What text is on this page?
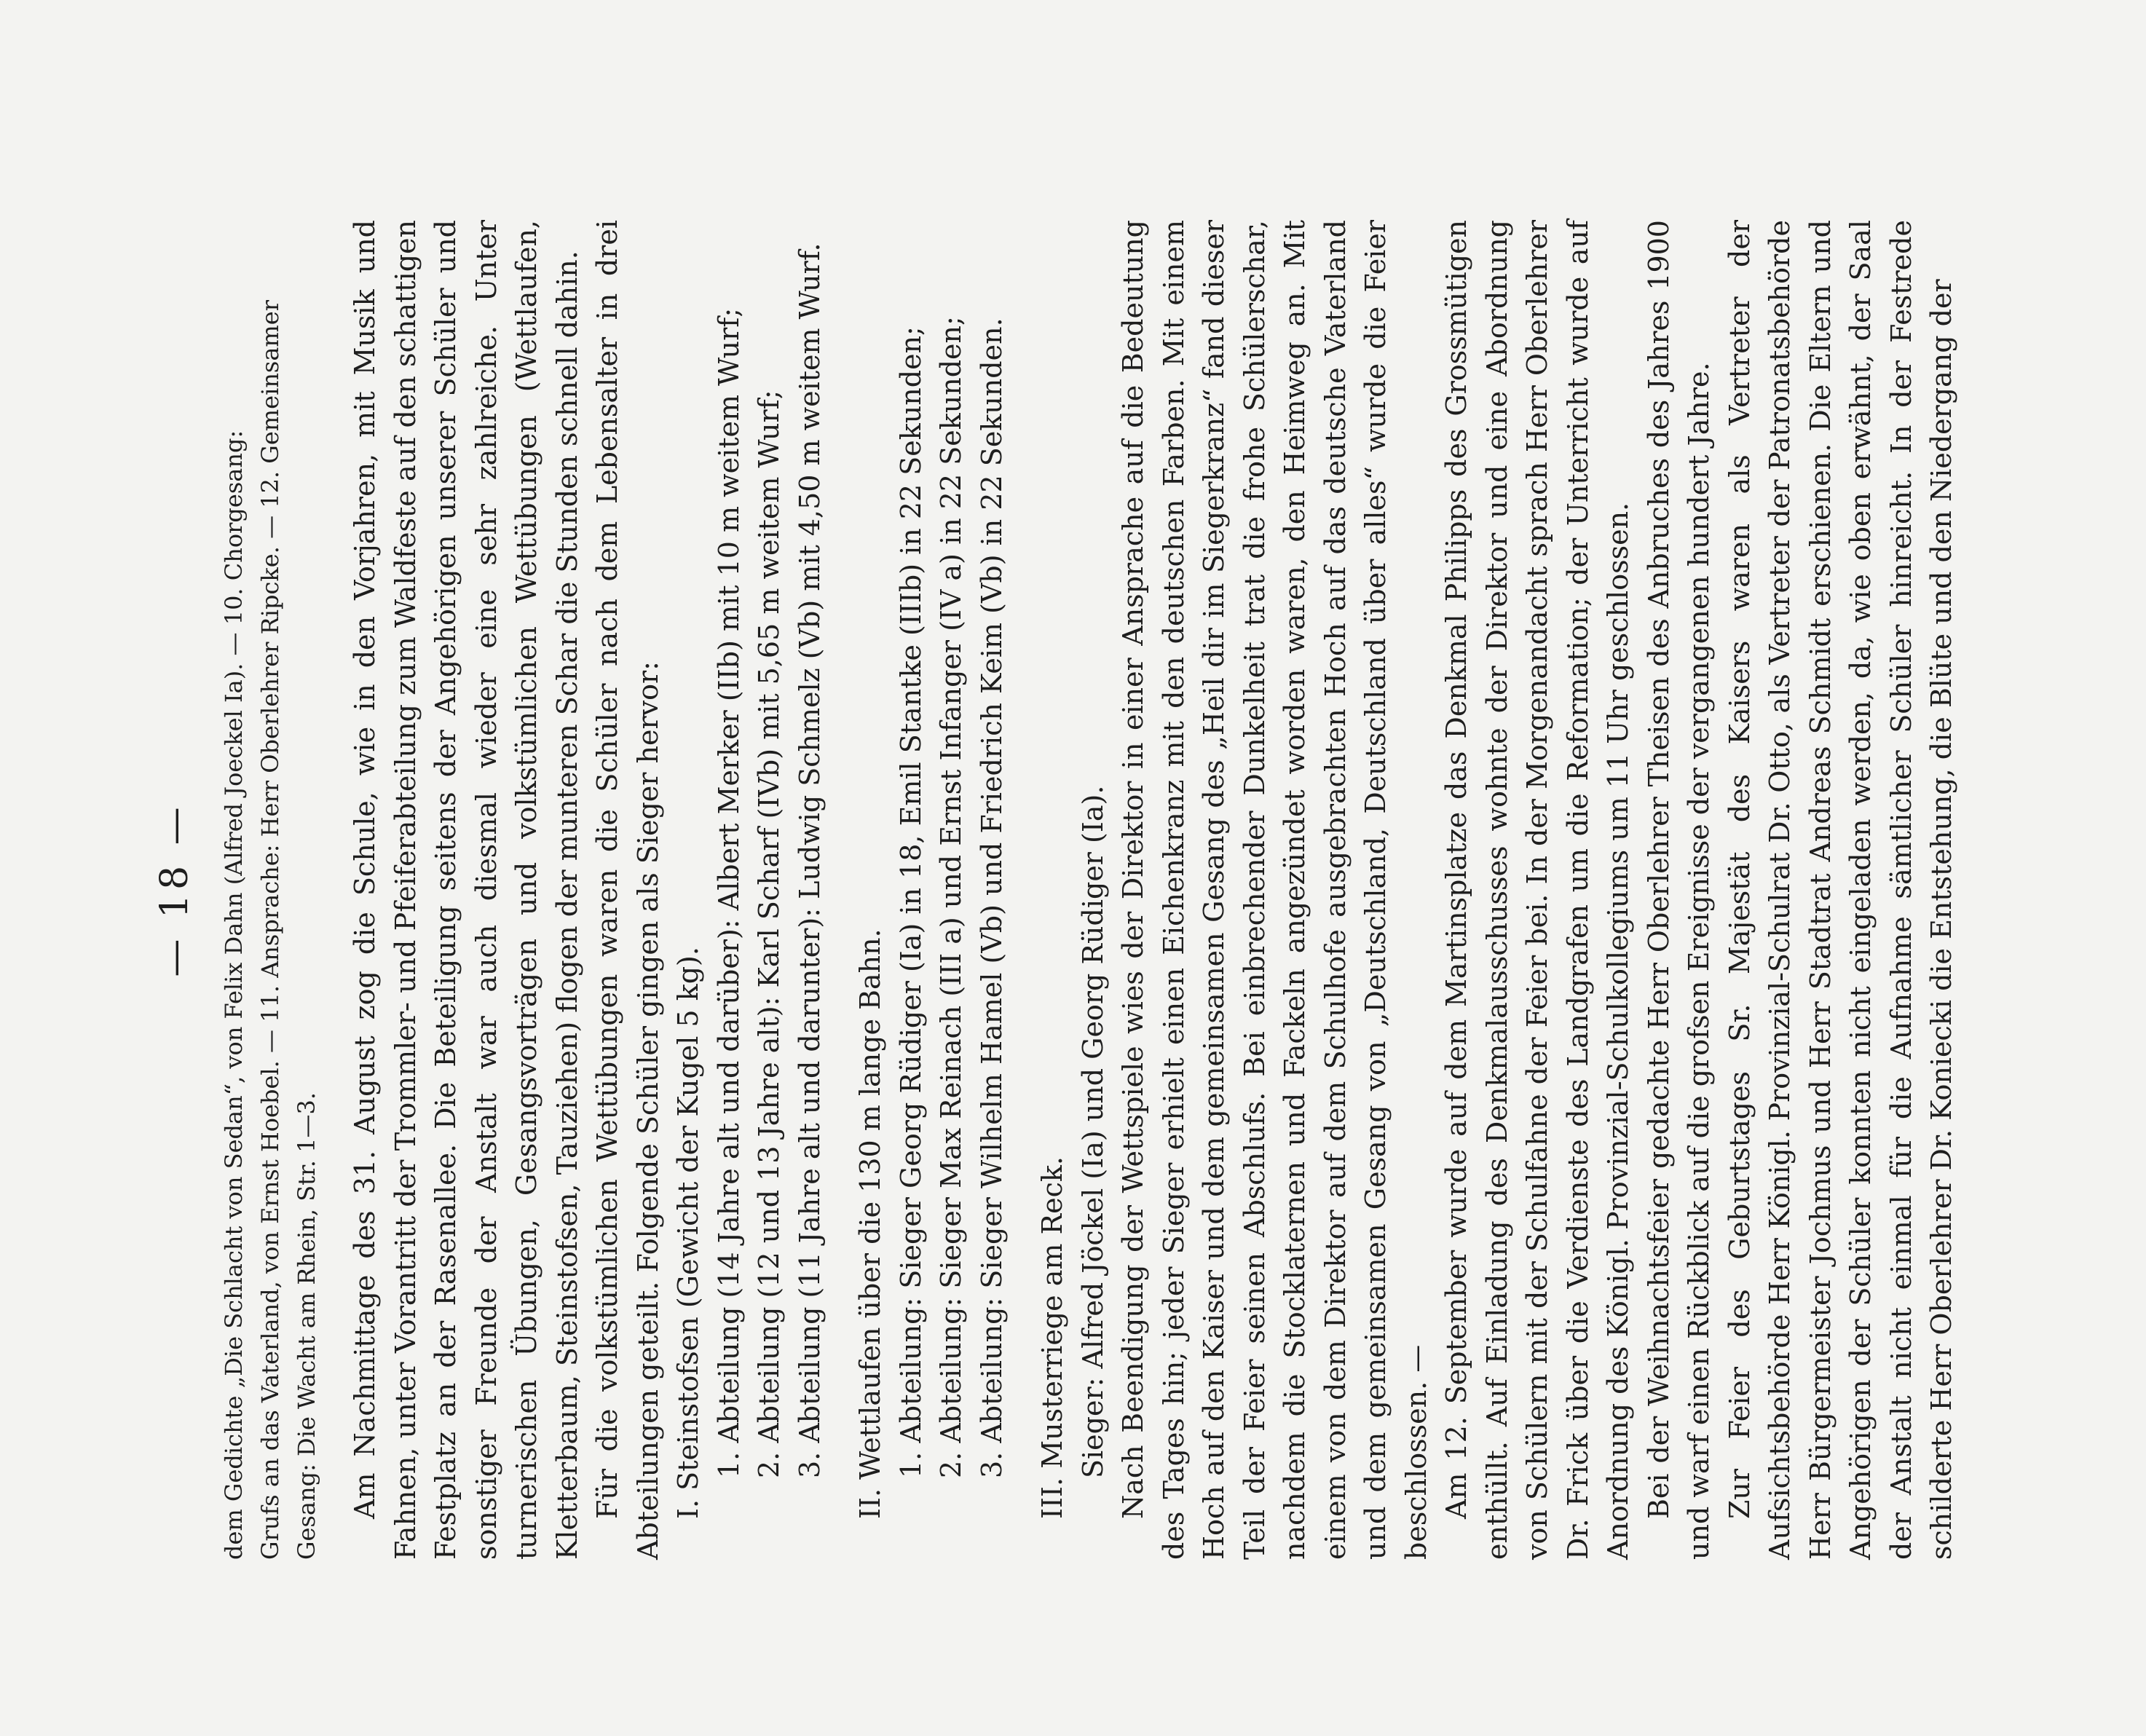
— 18 — dem Gedichte „Die Schlacht von Sedan“, von Felix Dahn (Alfred Joeckel Ia). — 10. Chorgesang: Grufs an das Vaterland, von Ernst Hoebel. — 11. Ansprache: Herr Oberlehrer Ripcke. — 12. Gemeinsamer Gesang: Die Wacht am Rhein, Str. 1—3. Am Nachmittage des 31. August zog die Schule, wie in den Vorjahren, mit Musik und Fahnen, unter Vorantritt der Trommler- und Pfeiferabteilung zum Waldfeste auf den schattigen Festplatz an der Rasenallee. Die Beteiligung seitens der Angehörigen unserer Schüler und sonstiger Freunde der Anstalt war auch diesmal wieder eine sehr zahlreiche. Unter turnerischen Übungen, Gesangsvorträgen und volkstümlichen Wettübungen (Wettlaufen, Kletterbaum, Steinstofsen, Tauziehen) flogen der munteren Schar die Stunden schnell dahin. Für die volkstümlichen Wettübungen waren die Schüler nach dem Lebensalter in drei Abteilungen geteilt. Folgende Schüler gingen als Sieger hervor: I. Steinstofsen (Gewicht der Kugel 5 kg). 1. Abteilung (14 Jahre alt und darüber): Albert Merker (IIb) mit 10 m weitem Wurf; 2. Abteilung (12 und 13 Jahre alt): Karl Scharf (IVb) mit 5,65 m weitem Wurf; 3. Abteilung (11 Jahre alt und darunter): Ludwig Schmelz (Vb) mit 4,50 m weitem Wurf. II. Wettlaufen über die 130 m lange Bahn. 1. Abteilung: Sieger Georg Rüdiger (Ia) in 18, Emil Stantke (IIIb) in 22 Sekunden; 2. Abteilung: Sieger Max Reinach (III a) und Ernst Infanger (IV a) in 22 Sekunden; 3. Abteilung: Sieger Wilhelm Hamel (Vb) und Friedrich Keim (Vb) in 22 Sekunden. III. Musterriege am Reck. Sieger: Alfred Jöckel (Ia) und Georg Rüdiger (Ia). Nach Beendigung der Wettspiele wies der Direktor in einer Ansprache auf die Bedeutung des Tages hin; jeder Sieger erhielt einen Eichenkranz mit den deutschen Farben. Mit einem Hoch auf den Kaiser und dem gemeinsamen Gesang des „Heil dir im Siegerkranz“ fand dieser Teil der Feier seinen Abschlufs. Bei einbrechender Dunkelheit trat die frohe Schülerschar, nachdem die Stocklaternen und Fackeln angezündet worden waren, den Heimweg an. Mit einem von dem Direktor auf dem Schulhofe ausgebrachten Hoch auf das deutsche Vaterland und dem gemeinsamen Gesang von „Deutschland, Deutschland über alles“ wurde die Feier beschlossen. — Am 12. September wurde auf dem Martinsplatze das Denkmal Philipps des Grossmütigen enthüllt. Auf Einladung des Denkmalausschusses wohnte der Direktor und eine Abordnung von Schülern mit der Schulfahne der Feier bei. In der Morgenandacht sprach Herr Oberlehrer Dr. Frick über die Verdienste des Landgrafen um die Reformation; der Unterricht wurde auf Anordnung des Königl. Provinzial-Schulkollegiums um 11 Uhr geschlossen. Bei der Weihnachtsfeier gedachte Herr Oberlehrer Theisen des Anbruches des Jahres 1900 und warf einen Rückblick auf die grofsen Ereignisse der vergangenen hundert Jahre. Zur Feier des Geburtstages Sr. Majestät des Kaisers waren als Vertreter der Aufsichtsbehörde Herr Königl. Provinzial-Schulrat Dr. Otto, als Vertreter der Patronatsbehörde Herr Bürgermeister Jochmus und Herr Stadtrat Andreas Schmidt erschienen. Die Eltern und Angehörigen der Schüler konnten nicht eingeladen werden, da, wie oben erwähnt, der Saal der Anstalt nicht einmal für die Aufnahme sämtlicher Schüler hinreicht. In der Festrede schilderte Herr Oberlehrer Dr. Koniecki die Entstehung, die Blüte und den Niedergang der
